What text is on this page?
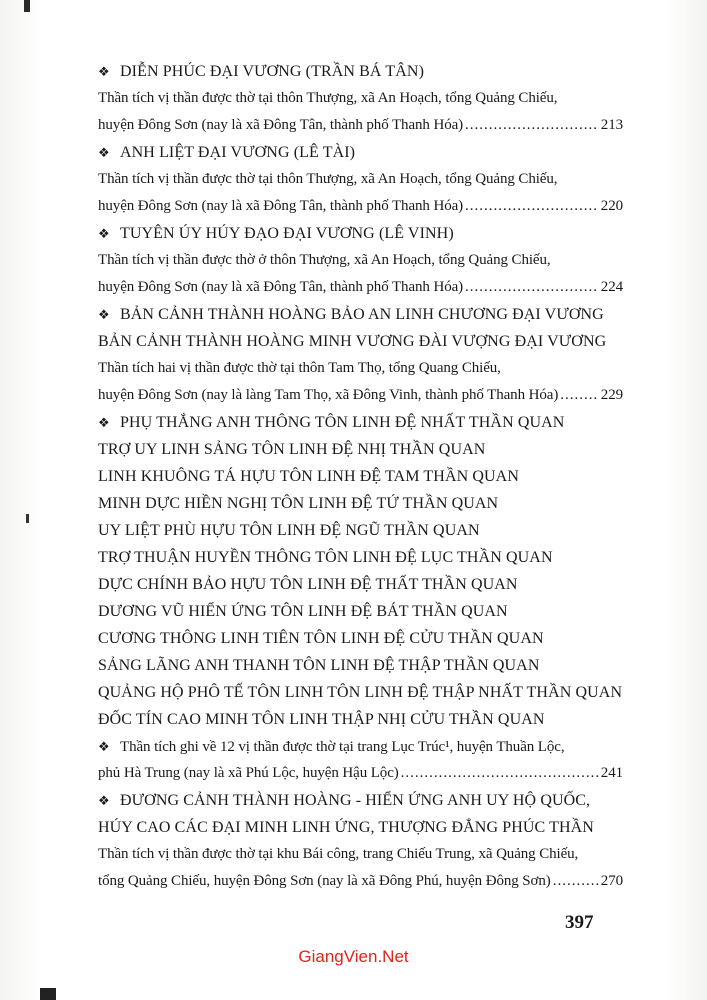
❖ DIỄN PHÚC ĐẠI VƯƠNG (TRẦN BÁ TÂN)
Thần tích vị thần được thờ tại thôn Thượng, xã An Hoạch, tổng Quảng Chiếu,
huyện Đông Sơn (nay là xã Đông Tân, thành phố Thanh Hóa) .....	213
❖ ANH LIỆT ĐẠI VƯƠNG (LÊ TÀI)
Thần tích vị thần được thờ tại thôn Thượng, xã An Hoạch, tổng Quảng Chiếu,
huyện Đông Sơn (nay là xã Đông Tân, thành phố Thanh Hóa) .....	220
❖ TUYÊN ÚY HÚY ĐẠO ĐẠI VƯƠNG (LÊ VINH)
Thần tích vị thần được thờ ở thôn Thượng, xã An Hoạch, tổng Quảng Chiếu,
huyện Đông Sơn (nay là xã Đông Tân, thành phố Thanh Hóa) .....	224
❖ BẢN CẢNH THÀNH HOÀNG BẢO AN LINH CHƯƠNG ĐẠI VƯƠNG
BẢN CẢNH THÀNH HOÀNG MINH VƯƠNG ĐÀI VƯỢNG ĐẠI VƯƠNG
Thần tích hai vị thần được thờ tại thôn Tam Thọ, tổng Quang Chiếu,
huyện Đông Sơn (nay là làng Tam Thọ, xã Đông Vinh, thành phố Thanh Hóa) .....	229
❖ PHỤ THẮNG ANH THÔNG TÔN LINH ĐỆ NHẤT THẦN QUAN
TRỢ UY LINH SẢNG TÔN LINH ĐỆ NHỊ THẦN QUAN
LINH KHUÔNG TÁ HỰU TÔN LINH ĐỆ TAM THẦN QUAN
MINH DỰC HIỀN NGHỊ TÔN LINH ĐỆ TỨ THẦN QUAN
UY LIỆT PHÙ HỰU TÔN LINH ĐỆ NGŨ THẦN QUAN
TRỢ THUẬN HUYỀN THÔNG TÔN LINH ĐỆ LỤC THẦN QUAN
DỰC CHÍNH BẢO HỰU TÔN LINH ĐỆ THẤT THẦN QUAN
DƯƠNG VŨ HIỂN ỨNG TÔN LINH ĐỆ BÁT THẦN QUAN
CƯƠNG THÔNG LINH TIÊN TÔN LINH ĐỆ CỬU THẦN QUAN
SẢNG LÃNG ANH THANH TÔN LINH ĐỆ THẬP THẦN QUAN
QUẢNG HỘ PHÔ TẾ TÔN LINH TÔN LINH ĐỆ THẬP NHẤT THẦN QUAN
ĐỐC TÍN CAO MINH TÔN LINH THẬP NHỊ CỬU THẦN QUAN
❖ Thần tích ghi về 12 vị thần được thờ tại trang Lục Trúc¹, huyện Thuần Lộc,
phủ Hà Trung (nay là xã Phú Lộc, huyện Hậu Lộc) .....	241
❖ ĐƯƠNG CẢNH THÀNH HOÀNG - HIỂN ỨNG ANH UY HỘ QUỐC,
HÚY CAO CÁC ĐẠI MINH LINH ỨNG, THƯỢNG ĐẲNG PHÚC THẦN
Thần tích vị thần được thờ tại khu Bái công, trang Chiếu Trung, xã Quảng Chiếu,
tổng Quảng Chiếu, huyện Đông Sơn (nay là xã Đông Phú, huyện Đông Sơn) .....	270
397
GiangVien.Net
